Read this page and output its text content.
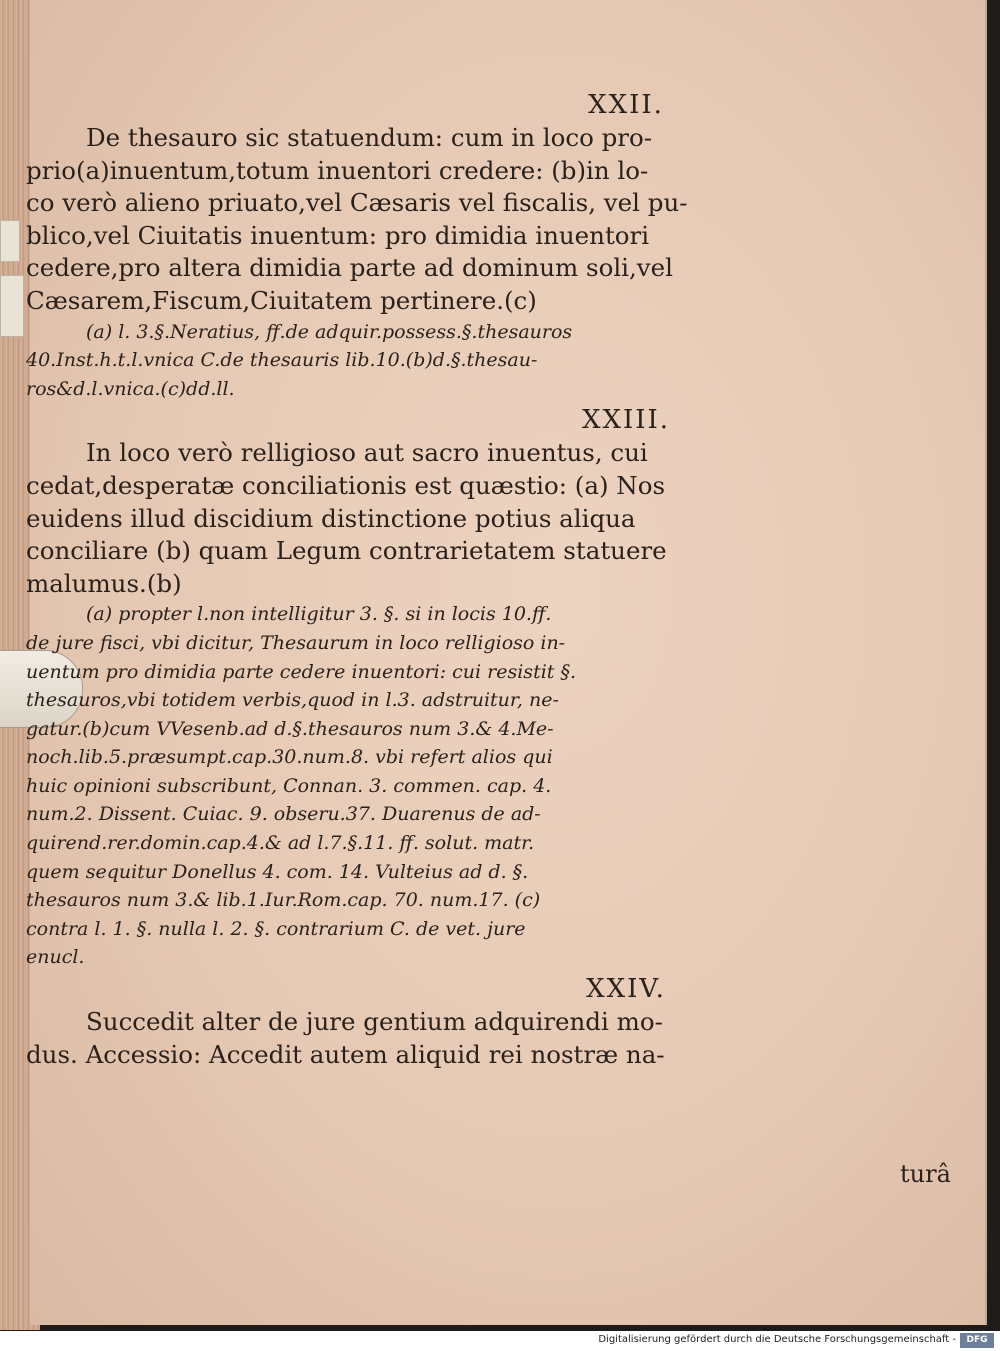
XXII.

De thesauro sic statuendum: cum in loco pro-
prio(a)inuentum,totum inuentori credere: (b)in lo-
co verò alieno priuato,vel Cæsaris vel fiscalis, vel pu-
blico,vel Ciuitatis inuentum: pro dimidia inuentori
cedere,pro altera dimidia parte ad dominum soli,vel
Cæsarem,Fiscum,Ciuitatem pertinere.(c)

(a) l. 3.§.Neratius, ff.de adquir.possess.§.thesauros
40.Inst.h.t.l.vnica C.de thesauris lib.10.(b)d.§.thesau-
ros&d.l.vnica.(c)dd.ll.

XXIII.

In loco verò relligioso aut sacro inuentus, cui
cedat,desperatæ conciliationis est quæstio: (a) Nos
euidens illud discidium distinctione potius aliqua
conciliare (b) quam Legum contrarietatem statuere
malumus.(b)

(a) propter l.non intelligitur 3. §. si in locis 10.ff.
de jure fisci, vbi dicitur, Thesaurum in loco relligioso in-
uentum pro dimidia parte cedere inuentori: cui resistit §.
thesauros,vbi totidem verbis,quod in l.3. adstruitur, ne-
gatur.(b)cum VVesenb.ad d.§.thesauros num 3.& 4.Me-
noch.lib.5.præsumpt.cap.30.num.8. vbi refert alios qui
huic opinioni subscribunt, Connan. 3. commen. cap. 4.
num.2. Dissent. Cuiac. 9. obseru.37. Duarenus de ad-
quirend.rer.domin.cap.4.& ad l.7.§.11. ff. solut. matr.
quem sequitur Donellus 4. com. 14. Vulteius ad d. §.
thesauros num 3.& lib.1.Iur.Rom.cap. 70. num.17. (c)
contra l. 1. §. nulla l. 2. §. contrarium C. de vet. jure
enucl.

XXIV.

Succedit alter de jure gentium adquirendi mo-
dus. Accessio: Accedit autem aliquid rei nostræ na-

turâ
Digitalisierung gefördert durch die Deutsche Forschungsgemeinschaft -	DFG
